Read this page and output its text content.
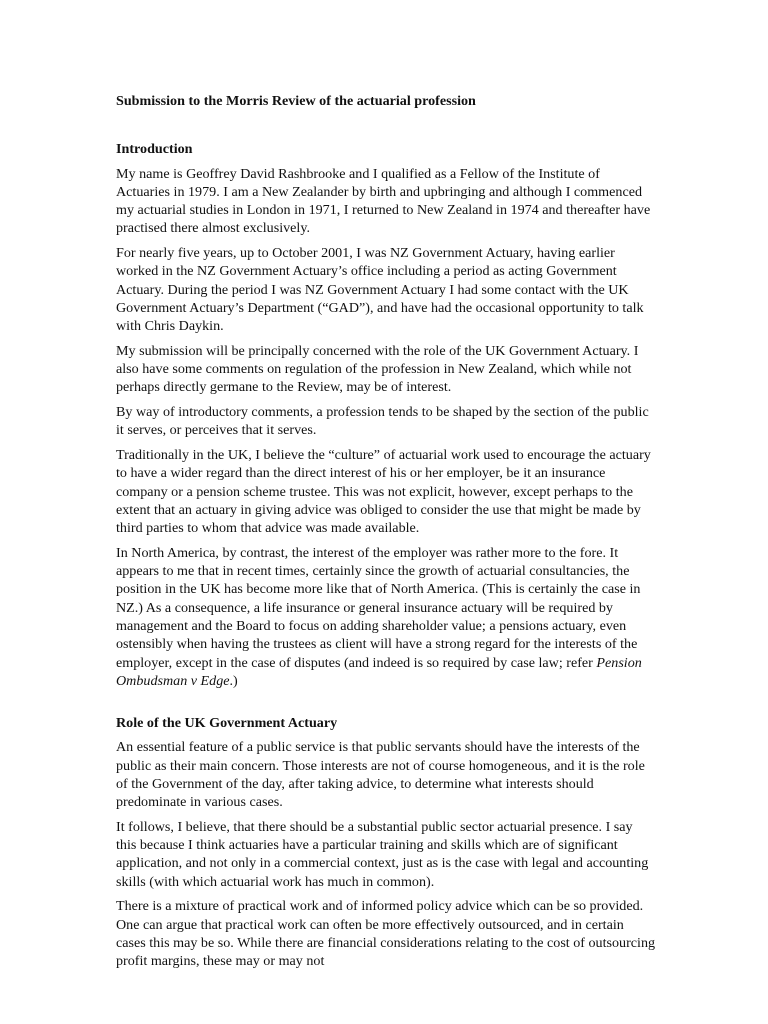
Submission to the Morris Review of the actuarial profession
Introduction

My name is Geoffrey David Rashbrooke and I qualified as a Fellow of the Institute of Actuaries in 1979. I am a New Zealander by birth and upbringing and although I commenced my actuarial studies in London in 1971, I returned to New Zealand in 1974 and thereafter have practised there almost exclusively.

For nearly five years, up to October 2001, I was NZ Government Actuary, having earlier worked in the NZ Government Actuary’s office including a period as acting Government Actuary. During the period I was NZ Government Actuary I had some contact with the UK Government Actuary’s Department (“GAD”), and have had the occasional opportunity to talk with Chris Daykin.

My submission will be principally concerned with the role of the UK Government Actuary. I also have some comments on regulation of the profession in New Zealand, which while not perhaps directly germane to the Review, may be of interest.

By way of introductory comments, a profession tends to be shaped by the section of the public it serves, or perceives that it serves.

Traditionally in the UK, I believe the “culture” of actuarial work used to encourage the actuary to have a wider regard than the direct interest of his or her employer, be it an insurance company or a pension scheme trustee. This was not explicit, however, except perhaps to the extent that an actuary in giving advice was obliged to consider the use that might be made by third parties to whom that advice was made available.

In North America, by contrast, the interest of the employer was rather more to the fore. It appears to me that in recent times, certainly since the growth of actuarial consultancies, the position in the UK has become more like that of North America. (This is certainly the case in NZ.) As a consequence, a life insurance or general insurance actuary will be required by management and the Board to focus on adding shareholder value; a pensions actuary, even ostensibly when having the trustees as client will have a strong regard for the interests of the employer, except in the case of disputes (and indeed is so required by case law; refer Pension Ombudsman v Edge.)

Role of the UK Government Actuary

An essential feature of a public service is that public servants should have the interests of the public as their main concern. Those interests are not of course homogeneous, and it is the role of the Government of the day, after taking advice, to determine what interests should predominate in various cases.

It follows, I believe, that there should be a substantial public sector actuarial presence. I say this because I think actuaries have a particular training and skills which are of significant application, and not only in a commercial context, just as is the case with legal and accounting skills (with which actuarial work has much in common).

There is a mixture of practical work and of informed policy advice which can be so provided. One can argue that practical work can often be more effectively outsourced, and in certain cases this may be so. While there are financial considerations relating to the cost of outsourcing profit margins, these may or may not
